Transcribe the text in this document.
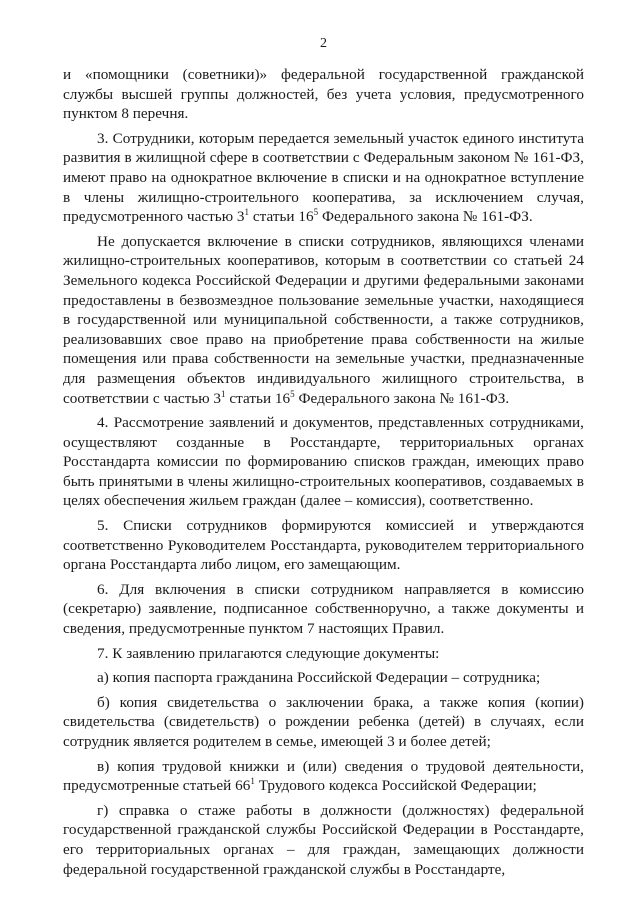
2

и «помощники (советники)» федеральной государственной гражданской службы высшей группы должностей, без учета условия, предусмотренного пунктом 8 перечня.

3. Сотрудники, которым передается земельный участок единого института развития в жилищной сфере в соответствии с Федеральным законом № 161-ФЗ, имеют право на однократное включение в списки и на однократное вступление в члены жилищно-строительного кооператива, за исключением случая, предусмотренного частью $3^1$ статьи $16^5$ Федерального закона № 161-ФЗ.

Не допускается включение в списки сотрудников, являющихся членами жилищно-строительных кооперативов, которым в соответствии со статьей 24 Земельного кодекса Российской Федерации и другими федеральными законами предоставлены в безвозмездное пользование земельные участки, находящиеся в государственной или муниципальной собственности, а также сотрудников, реализовавших свое право на приобретение права собственности на жилые помещения или права собственности на земельные участки, предназначенные для размещения объектов индивидуального жилищного строительства, в соответствии с частью $3^1$ статьи $16^5$ Федерального закона № 161-ФЗ.

4. Рассмотрение заявлений и документов, представленных сотрудниками, осуществляют созданные в Росстандарте, территориальных органах Росстандарта комиссии по формированию списков граждан, имеющих право быть принятыми в члены жилищно-строительных кооперативов, создаваемых в целях обеспечения жильем граждан (далее – комиссия), соответственно.

5. Списки сотрудников формируются комиссией и утверждаются соответственно Руководителем Росстандарта, руководителем территориального органа Росстандарта либо лицом, его замещающим.

6. Для включения в списки сотрудником направляется в комиссию (секретарю) заявление, подписанное собственноручно, а также документы и сведения, предусмотренные пунктом 7 настоящих Правил.

7. К заявлению прилагаются следующие документы:

а) копия паспорта гражданина Российской Федерации – сотрудника;

б) копия свидетельства о заключении брака, а также копия (копии) свидетельства (свидетельств) о рождении ребенка (детей) в случаях, если сотрудник является родителем в семье, имеющей 3 и более детей;

в) копия трудовой книжки и (или) сведения о трудовой деятельности, предусмотренные статьей $66^1$ Трудового кодекса Российской Федерации;

г) справка о стаже работы в должности (должностях) федеральной государственной гражданской службы Российской Федерации в Росстандарте, его территориальных органах – для граждан, замещающих должности федеральной государственной гражданской службы в Росстандарте,
